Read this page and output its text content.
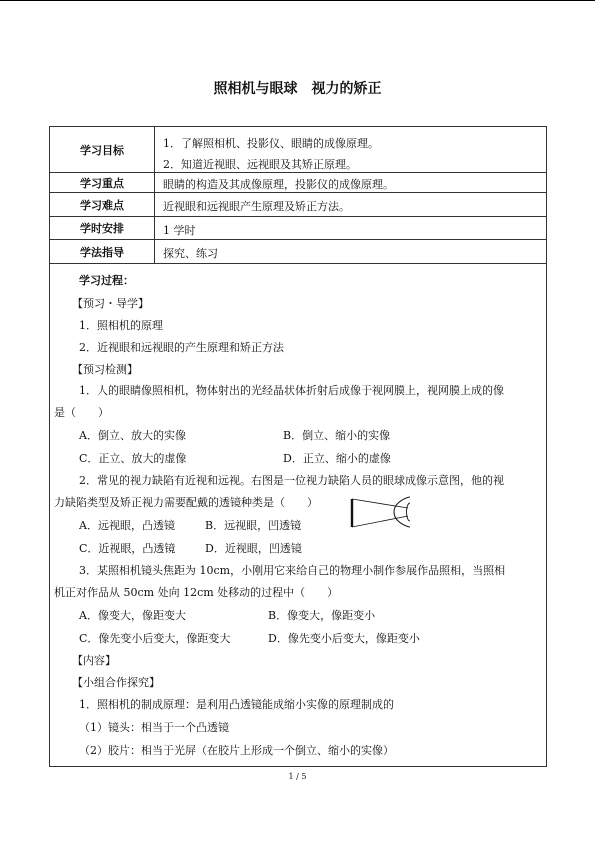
照相机与眼球　视力的矫正
学习目标	1．了解照相机、投影仪、眼睛的成像原理。
2．知道近视眼、远视眼及其矫正原理。
学习重点	眼睛的构造及其成像原理，投影仪的成像原理。
学习难点	近视眼和远视眼产生原理及矫正方法。
学时安排	1 学时
学法指导	探究、练习
学习过程：
【预习・导学】
1．照相机的原理
2．近视眼和远视眼的产生原理和矫正方法
【预习检测】
1．人的眼睛像照相机，物体射出的光经晶状体折射后成像于视网膜上，视网膜上成的像
是（　　）
A．倒立、放大的实像	B．倒立、缩小的实像
C．正立、放大的虚像	D．正立、缩小的虚像
2．常见的视力缺陷有近视和远视。右图是一位视力缺陷人员的眼球成像示意图，他的视
力缺陷类型及矫正视力需要配戴的透镜种类是（　　）
A．远视眼，凸透镜	B．远视眼，凹透镜
C．近视眼，凸透镜	D．近视眼，凹透镜
3．某照相机镜头焦距为 10cm，小刚用它来给自己的物理小制作参展作品照相，当照相
机正对作品从 50cm 处向 12cm 处移动的过程中（　　）
A．像变大，像距变大	B．像变大，像距变小
C．像先变小后变大，像距变大	D．像先变小后变大，像距变小
【内容】
【小组合作探究】
1．照相机的制成原理：是利用凸透镜能成缩小实像的原理制成的
（1）镜头：相当于一个凸透镜
（2）胶片：相当于光屏（在胶片上形成一个倒立、缩小的实像）
1 / 5
